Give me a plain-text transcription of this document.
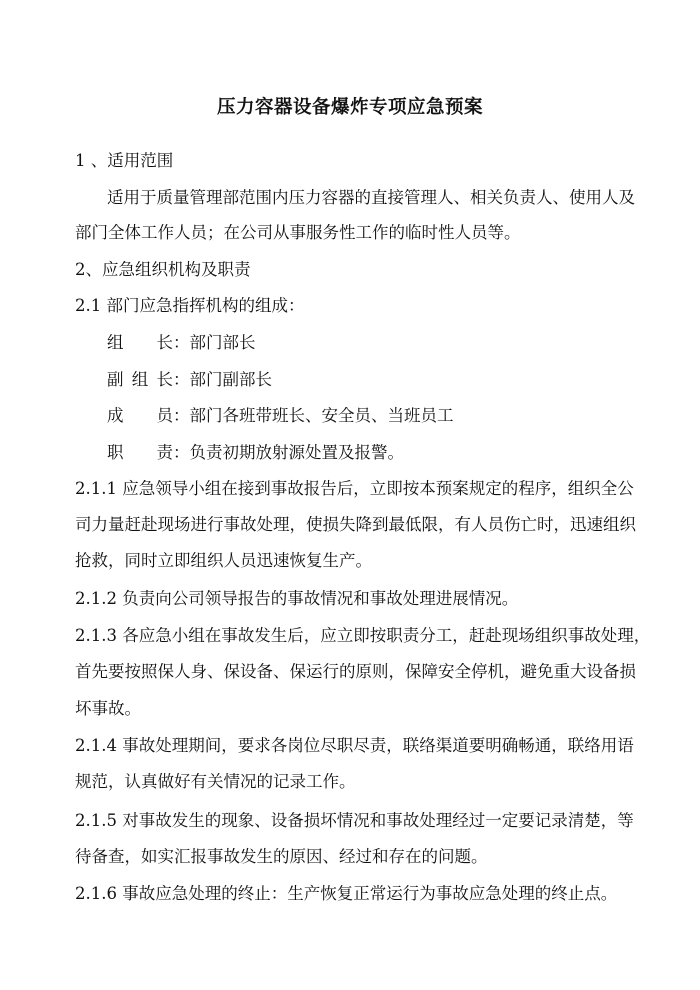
压力容器设备爆炸专项应急预案
1 、适用范围
适用于质量管理部范围内压力容器的直接管理人、相关负责人、使用人及
部门全体工作人员；在公司从事服务性工作的临时性人员等。
2、应急组织机构及职责
2.1 部门应急指挥机构的组成：
组长 ： 部门部长
副组长 ： 部门副部长
成员 ： 部门各班带班长、安全员、当班员工
职责 ： 负责初期放射源处置及报警。
2.1.1 应急领导小组在接到事故报告后，立即按本预案规定的程序，组织全公
司力量赶赴现场进行事故处理，使损失降到最低限，有人员伤亡时，迅速组织
抢救，同时立即组织人员迅速恢复生产。
2.1.2 负责向公司领导报告的事故情况和事故处理进展情况。
2.1.3 各应急小组在事故发生后，应立即按职责分工，赶赴现场组织事故处理，
首先要按照保人身、保设备、保运行的原则，保障安全停机，避免重大设备损
坏事故。
2.1.4 事故处理期间，要求各岗位尽职尽责，联络渠道要明确畅通，联络用语
规范，认真做好有关情况的记录工作。
2.1.5 对事故发生的现象、设备损坏情况和事故处理经过一定要记录清楚，等
待备查，如实汇报事故发生的原因、经过和存在的问题。
2.1.6 事故应急处理的终止：生产恢复正常运行为事故应急处理的终止点。
